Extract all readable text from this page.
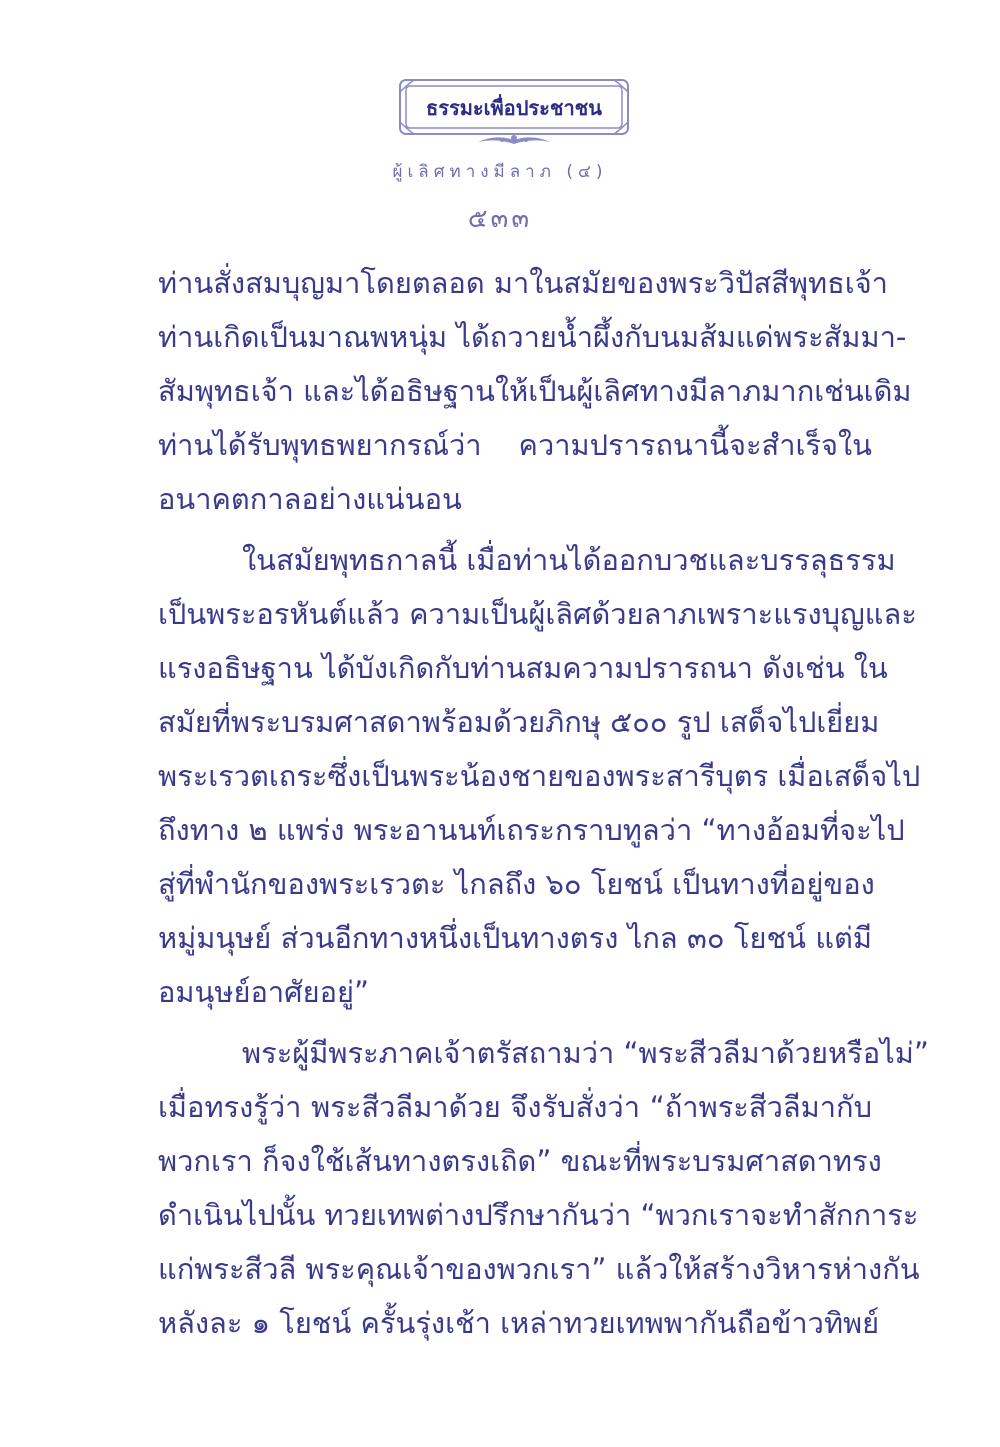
ธรรมะเพื่อประชาชน
ผู้เลิศทางมีลาภ (๔)
๕๓๓
ท่านสั่งสมบุญมาโดยตลอด มาในสมัยของพระวิปัสสีพุทธเจ้า
ท่านเกิดเป็นมาณพหนุ่ม ได้ถวายน้ำผึ้งกับนมส้มแด่พระสัมมา-
สัมพุทธเจ้า และได้อธิษฐานให้เป็นผู้เลิศทางมีลาภมากเช่นเดิม
ท่านได้รับพุทธพยากรณ์ว่า ความปรารถนานี้จะสำเร็จใน
อนาคตกาลอย่างแน่นอน
ในสมัยพุทธกาลนี้ เมื่อท่านได้ออกบวชและบรรลุธรรม
เป็นพระอรหันต์แล้ว ความเป็นผู้เลิศด้วยลาภเพราะแรงบุญและ
แรงอธิษฐาน ได้บังเกิดกับท่านสมความปรารถนา ดังเช่น ใน
สมัยที่พระบรมศาสดาพร้อมด้วยภิกษุ ๕๐๐ รูป เสด็จไปเยี่ยม
พระเรวตเถระซึ่งเป็นพระน้องชายของพระสารีบุตร เมื่อเสด็จไป
ถึงทาง ๒ แพร่ง พระอานนท์เถระกราบทูลว่า “ทางอ้อมที่จะไป
สู่ที่พำนักของพระเรวตะ ไกลถึง ๖๐ โยชน์ เป็นทางที่อยู่ของ
หมู่มนุษย์ ส่วนอีกทางหนึ่งเป็นทางตรง ไกล ๓๐ โยชน์ แต่มี
อมนุษย์อาศัยอยู่”
พระผู้มีพระภาคเจ้าตรัสถามว่า “พระสีวลีมาด้วยหรือไม่”
เมื่อทรงรู้ว่า พระสีวลีมาด้วย จึงรับสั่งว่า “ถ้าพระสีวลีมากับ
พวกเรา ก็จงใช้เส้นทางตรงเถิด” ขณะที่พระบรมศาสดาทรง
ดำเนินไปนั้น ทวยเทพต่างปรึกษากันว่า “พวกเราจะทำสักการะ
แก่พระสีวลี พระคุณเจ้าของพวกเรา” แล้วให้สร้างวิหารห่างกัน
หลังละ ๑ โยชน์ ครั้นรุ่งเช้า เหล่าทวยเทพพากันถือข้าวทิพย์
